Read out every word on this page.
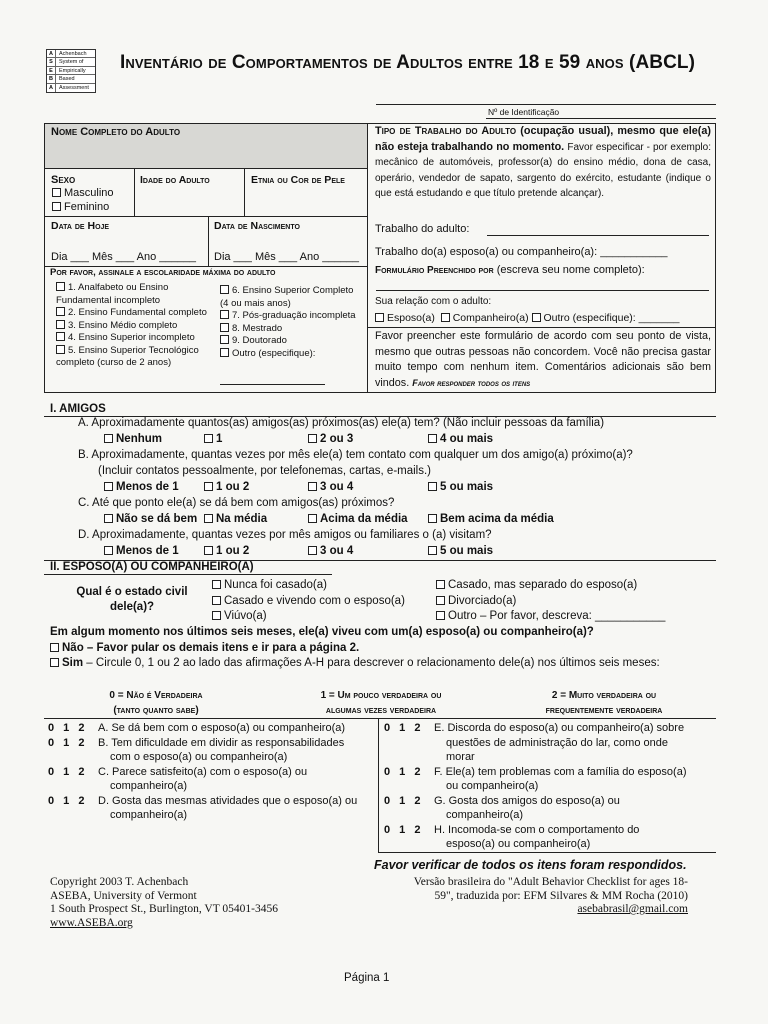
A	Achenbach
S	System of
E	Empirically
B	Based
A	Assessment
Inventário de Comportamentos de Adultos entre 18 e 59 anos (ABCL)
Nº de Identificação
Nome Completo do Adulto
Sexo
Masculino
Feminino
Idade do Adulto	Etnia ou Cor de Pele
Data de Hoje	Data de Nascimento
Dia ___ Mês ___ Ano ______ Dia ___ Mês ___ Ano ______
Por favor, assinale a escolaridade máxima do adulto
1. Analfabeto ou Ensino Fundamental incompleto
2. Ensino Fundamental completo
3. Ensino Médio completo
4. Ensino Superior incompleto
5. Ensino Superior Tecnológico completo (curso de 2 anos)
6. Ensino Superior Completo (4 ou mais anos)
7. Pós-graduação incompleta
8. Mestrado
9. Doutorado
Outro (especifique):
Tipo de Trabalho do Adulto (ocupação usual), mesmo que ele(a) não esteja trabalhando no momento. Favor especificar - por exemplo: mecânico de automóveis, professor(a) do ensino médio, dona de casa, operário, vendedor de sapato, sargento do exército, estudante (indique o que está estudando e que título pretende alcançar).
Trabalho do adulto:
Trabalho do(a) esposo(a) ou companheiro(a): ___________
Formulário Preenchido por (escreva seu nome completo):
Sua relação com o adulto:
Esposo(a) Companheiro(a) Outro (especifique): _______
Favor preencher este formulário de acordo com seu ponto de vista, mesmo que outras pessoas não concordem. Você não precisa gastar muito tempo com nenhum item. Comentários adicionais são bem vindos. Favor responder todos os itens
I. AMIGOS
A. Aproximadamente quantos(as) amigos(as) próximos(as) ele(a) tem? (Não incluir pessoas da família)
Nenhum	1	2 ou 3	4 ou mais
B. Aproximadamente, quantas vezes por mês ele(a) tem contato com qualquer um dos amigo(a) próximo(a)?
(Incluir contatos pessoalmente, por telefonemas, cartas, e-mails.)
Menos de 1	1 ou 2	3 ou 4	5 ou mais
C. Até que ponto ele(a) se dá bem com amigos(as) próximos?
Não se dá bem	Na média	Acima da média	Bem acima da média
D. Aproximadamente, quantas vezes por mês amigos ou familiares o (a) visitam?
Menos de 1	1 ou 2	3 ou 4	5 ou mais
II. ESPOSO(A) OU COMPANHEIRO(A)
Qual é o estado civil dele(a)?
Nunca foi casado(a)
Casado e vivendo com o esposo(a)
Viúvo(a)
Casado, mas separado do esposo(a)
Divorciado(a)
Outro – Por favor, descreva: ___________
Em algum momento nos últimos seis meses, ele(a) viveu com um(a) esposo(a) ou companheiro(a)?
Não – Favor pular os demais itens e ir para a página 2.
Sim – Circule 0, 1 ou 2 ao lado das afirmações A-H para descrever o relacionamento dele(a) nos últimos seis meses:
0 = Não é Verdadeira
(tanto quanto sabe)
1 = Um pouco verdadeira ou
algumas vezes verdadeira
2 = Muito verdadeira ou
frequentemente verdadeira
0 1 2 A. Se dá bem com o esposo(a) ou companheiro(a)
0 1 2 B. Tem dificuldade em dividir as responsabilidades
com o esposo(a) ou companheiro(a)
0 1 2 C. Parece satisfeito(a) com o esposo(a) ou
companheiro(a)
0 1 2 D. Gosta das mesmas atividades que o esposo(a) ou
companheiro(a)
0 1 2 E. Discorda do esposo(a) ou companheiro(a) sobre
questões de administração do lar, como onde
morar
0 1 2 F. Ele(a) tem problemas com a família do esposo(a)
ou companheiro(a)
0 1 2 G. Gosta dos amigos do esposo(a) ou
companheiro(a)
0 1 2 H. Incomoda-se com o comportamento do
esposo(a) ou companheiro(a)
Favor verificar de todos os itens foram respondidos.
Copyright 2003 T. Achenbach
ASEBA, University of Vermont
1 South Prospect St., Burlington, VT 05401-3456
www.ASEBA.org
Versão brasileira do "Adult Behavior Checklist for ages 18-
59", traduzida por: EFM Silvares & MM Rocha (2010)
asebabrasil@gmail.com
Página 1
